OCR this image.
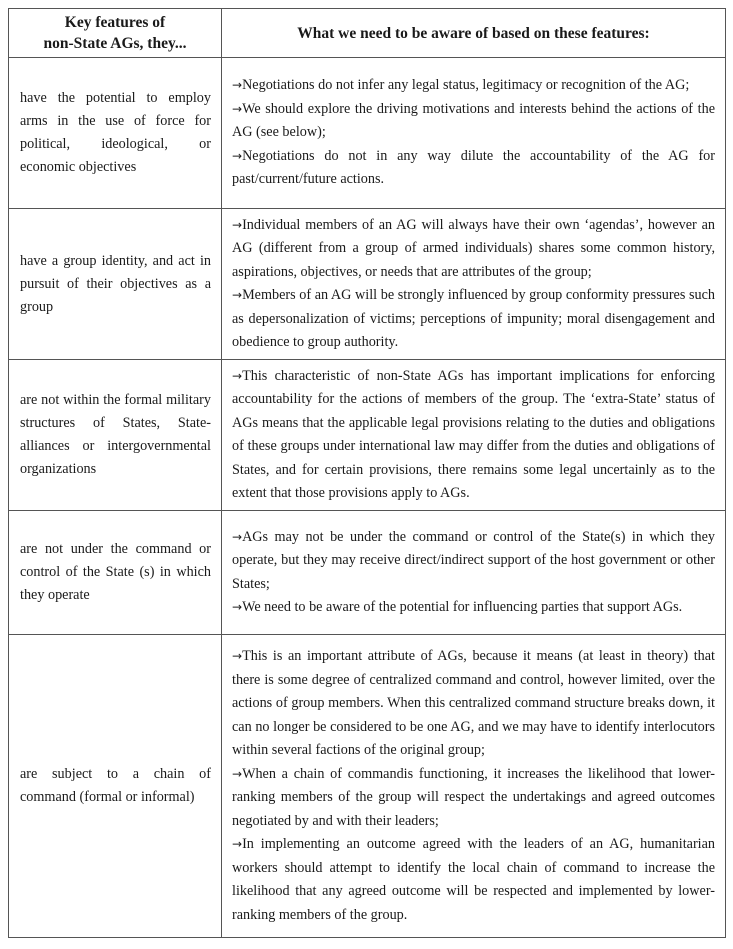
Key features of
non-State AGs, they...	What we need to be aware of based on these features:
have the potential to employ arms in the use of force for political, ideological, or economic objectives	→Negotiations do not infer any legal status, legitimacy or recognition of the AG;
→We should explore the driving motivations and interests behind the actions of the AG (see below);
→Negotiations do not in any way dilute the accountability of the AG for past/current/future actions.

have a group identity, and act in pursuit of their objectives as a group	→Individual members of an AG will always have their own ‘agendas’, however an AG (different from a group of armed individuals) shares some common history, aspirations, objectives, or needs that are attributes of the group;
→Members of an AG will be strongly influenced by group conformity pressures such as depersonalization of victims; perceptions of impunity; moral disengagement and obedience to group authority.

are not within the formal military structures of States, State-alliances or intergovernmental organizations	→This characteristic of non-State AGs has important implications for enforcing accountability for the actions of members of the group. The ‘extra-State’ status of AGs means that the applicable legal provisions relating to the duties and obligations of these groups under international law may differ from the duties and obligations of States, and for certain provisions, there remains some legal uncertainly as to the extent that those provisions apply to AGs.

are not under the command or control of the State (s) in which they operate	→AGs may not be under the command or control of the State(s) in which they operate, but they may receive direct/indirect support of the host government or other States;
→We need to be aware of the potential for influencing parties that support AGs.

are subject to a chain of command (formal or informal)	→This is an important attribute of AGs, because it means (at least in theory) that there is some degree of centralized command and control, however limited, over the actions of group members. When this centralized command structure breaks down, it can no longer be considered to be one AG, and we may have to identify interlocutors within several factions of the original group;
→When a chain of commandis functioning, it increases the likelihood that lower-ranking members of the group will respect the undertakings and agreed outcomes negotiated by and with their leaders;
→In implementing an outcome agreed with the leaders of an AG, humanitarian workers should attempt to identify the local chain of command to increase the likelihood that any agreed outcome will be respected and implemented by lower-ranking members of the group.
